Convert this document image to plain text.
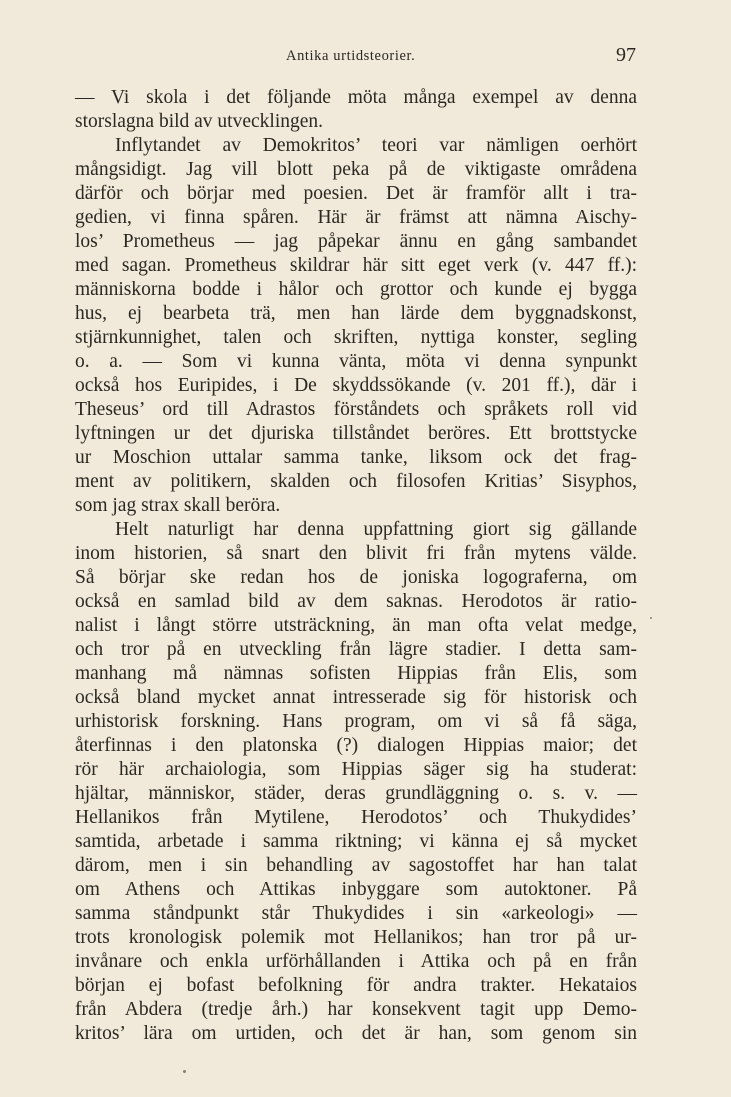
Antika urtidsteorier.	97
— Vi skola i det följande möta många exempel av denna
storslagna bild av utvecklingen.
Inflytandet av Demokritos’ teori var nämligen oerhört
mångsidigt. Jag vill blott peka på de viktigaste områdena
därför och börjar med poesien. Det är framför allt i tra-
gedien, vi finna spåren. Här är främst att nämna Aischy-
los’ Prometheus — jag påpekar ännu en gång sambandet
med sagan. Prometheus skildrar här sitt eget verk (v. 447 ff.):
människorna bodde i hålor och grottor och kunde ej bygga
hus, ej bearbeta trä, men han lärde dem byggnadskonst,
stjärnkunnighet, talen och skriften, nyttiga konster, segling
o. a. — Som vi kunna vänta, möta vi denna synpunkt
också hos Euripides, i De skyddssökande (v. 201 ff.), där i
Theseus’ ord till Adrastos förståndets och språkets roll vid
lyftningen ur det djuriska tillståndet beröres. Ett brottstycke
ur Moschion uttalar samma tanke, liksom ock det frag-
ment av politikern, skalden och filosofen Kritias’ Sisyphos,
som jag strax skall beröra.
Helt naturligt har denna uppfattning giort sig gällande
inom historien, så snart den blivit fri från mytens välde.
Så börjar ske redan hos de joniska logograferna, om
också en samlad bild av dem saknas. Herodotos är ratio-
nalist i långt större utsträckning, än man ofta velat medge,
och tror på en utveckling från lägre stadier. I detta sam-
manhang må nämnas sofisten Hippias från Elis, som
också bland mycket annat intresserade sig för historisk och
urhistorisk forskning. Hans program, om vi så få säga,
återfinnas i den platonska (?) dialogen Hippias maior; det
rör här archaiologia, som Hippias säger sig ha studerat:
hjältar, människor, städer, deras grundläggning o. s. v. —
Hellanikos från Mytilene, Herodotos’ och Thukydides’
samtida, arbetade i samma riktning; vi känna ej så mycket
därom, men i sin behandling av sagostoffet har han talat
om Athens och Attikas inbyggare som autoktoner. På
samma ståndpunkt står Thukydides i sin «arkeologi» —
trots kronologisk polemik mot Hellanikos; han tror på ur-
invånare och enkla urförhållanden i Attika och på en från
början ej bofast befolkning för andra trakter. Hekataios
från Abdera (tredje årh.) har konsekvent tagit upp Demo-
kritos’ lära om urtiden, och det är han, som genom sin
